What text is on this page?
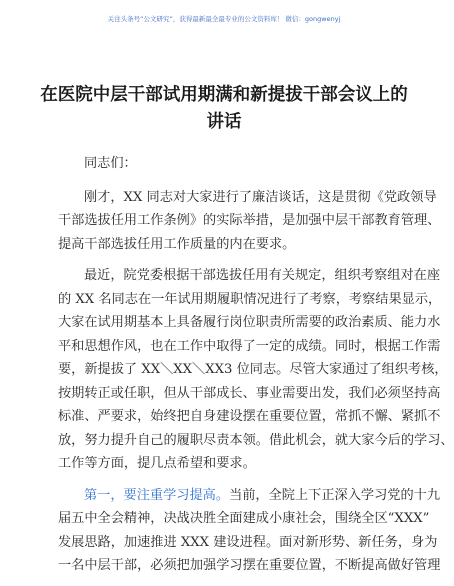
关注头条号“公文研究”，获得最新最全最专业的公文资料库！ 微信：gongwenyj
在医院中层干部试用期满和新提拔干部会议上的
讲话
同志们：
刚才，XX 同志对大家进行了廉洁谈话，这是贯彻《党政领导
干部选拔任用工作条例》的实际举措，是加强中层干部教育管理、
提高干部选拔任用工作质量的内在要求。
最近，院党委根据干部选拔任用有关规定，组织考察组对在座
的 XX 名同志在一年试用期履职情况进行了考察，考察结果显示，
大家在试用期基本上具备履行岗位职责所需要的政治素质、能力水
平和思想作风，也在工作中取得了一定的成绩。同时，根据工作需
要，新提拔了 XX＼XX＼XX3 位同志。尽管大家通过了组织考核，
按期转正或任职，但从干部成长、事业需要出发，我们必须坚持高
标准、严要求，始终把自身建设摆在重要位置，常抓不懈、紧抓不
放，努力提升自己的履职尽责本领。借此机会，就大家今后的学习、
工作等方面，提几点希望和要求。
第一，要注重学习提高。当前，全院上下正深入学习党的十九
届五中全会精神，决战决胜全面建成小康社会，围绕全区“XXX”
发展思路，加速推进 XXX 建设进程。面对新形势、新任务，身为
一名中层干部，必须把加强学习摆在重要位置，不断提高做好管理
